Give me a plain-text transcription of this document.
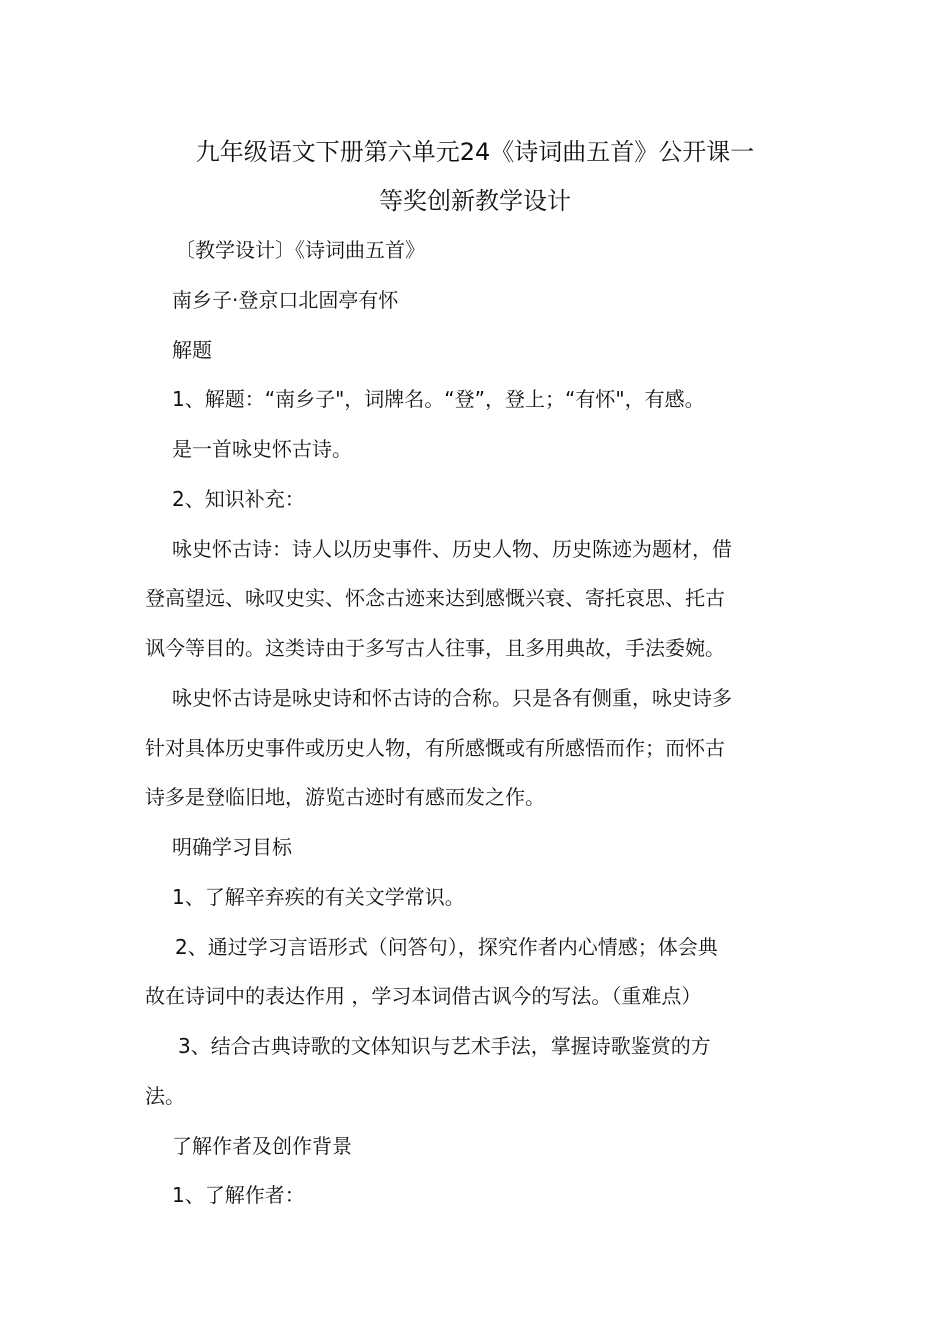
九年级语文下册第六单元24《诗词曲五首》公开课一
等奖创新教学设计
〔教学设计〕《诗词曲五首》
南乡子·登京口北固亭有怀
解题
1、解题：“南乡子"，词牌名。“登”，登上；“有怀"，有感。
是一首咏史怀古诗。
2、知识补充：
咏史怀古诗：诗人以历史事件、历史人物、历史陈迹为题材，借
登高望远、咏叹史实、怀念古迹来达到感慨兴衰、寄托哀思、托古
讽今等目的。这类诗由于多写古人往事，且多用典故，手法委婉。
咏史怀古诗是咏史诗和怀古诗的合称。只是各有侧重，咏史诗多
针对具体历史事件或历史人物，有所感慨或有所感悟而作；而怀古
诗多是登临旧地，游览古迹时有感而发之作。
明确学习目标
1、了解辛弃疾的有关文学常识。
2、通过学习言语形式（问答句），探究作者内心情感；体会典
故在诗词中的表达作用 ，学习本词借古讽今的写法。（重难点）
3、结合古典诗歌的文体知识与艺术手法，掌握诗歌鉴赏的方
法。
了解作者及创作背景
1、了解作者：
